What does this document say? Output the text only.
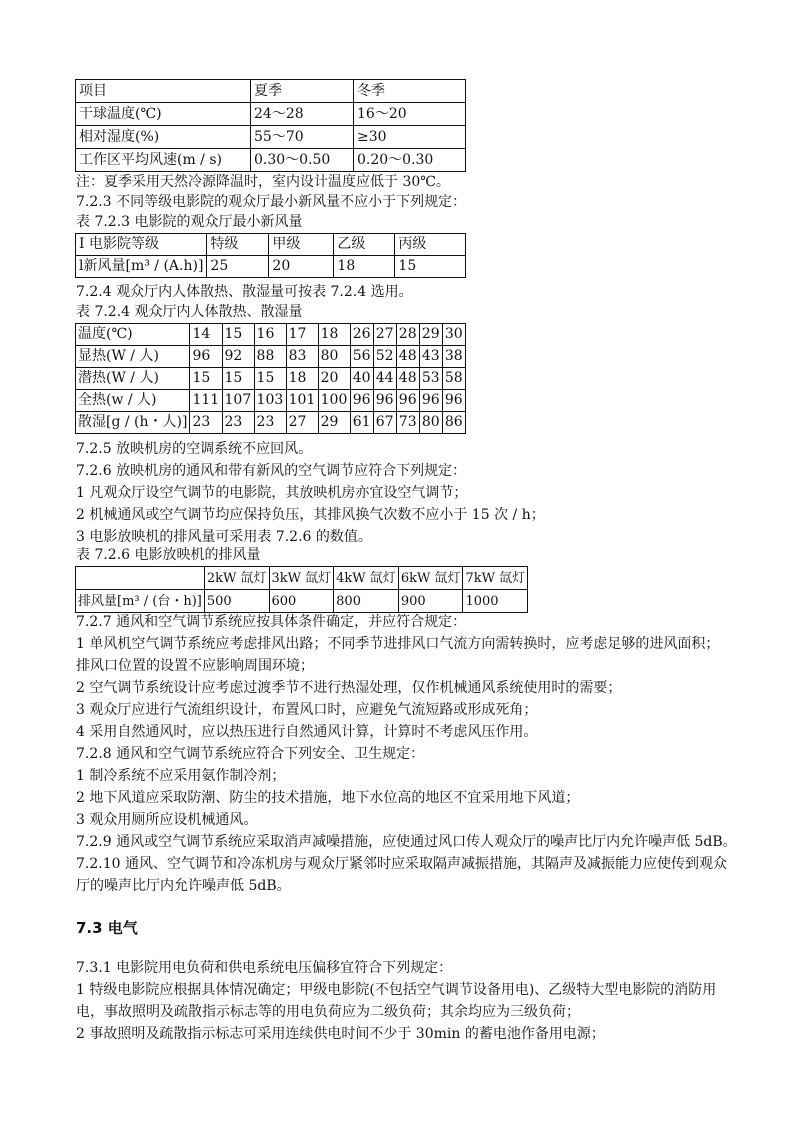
项目	夏季	冬季
干球温度(℃)	24～28	16～20
相对湿度(%)	55～70	≥30
工作区平均风速(m / s)	0.30～0.50	0.20～0.30
注：夏季采用天然冷源降温时，室内设计温度应低于 30℃。
7.2.3 不同等级电影院的观众厅最小新风量不应小于下列规定：
表 7.2.3 电影院的观众厅最小新风量
I 电影院等级	特级	甲级	乙级	丙级
l新风量[m³ / (A.h)]	25	20	18	15
7.2.4 观众厅内人体散热、散湿量可按表 7.2.4 选用。
表 7.2.4 观众厅内人体散热、散湿量
温度(℃)	14	15	16	17	18	26	27	28	29	30
显热(W / 人)	96	92	88	83	80	56	52	48	43	38
潜热(W / 人)	15	15	15	18	20	40	44	48	53	58
全热(w / 人)	111	107	103	101	100	96	96	96	96	96
散湿[g / (h・人)]	23	23	23	27	29	61	67	73	80	86
7.2.5 放映机房的空调系统不应回风。
7.2.6 放映机房的通风和带有新风的空气调节应符合下列规定：
1 凡观众厅设空气调节的电影院，其放映机房亦宜设空气调节；
2 机械通风或空气调节均应保持负压，其排风换气次数不应小于 15 次 / h；
3 电影放映机的排风量可采用表 7.2.6 的数值。
表 7.2.6 电影放映机的排风量
	2kW 氙灯	3kW 氙灯	4kW 氙灯	6kW 氙灯	7kW 氙灯
排风量[m³ / (台・h)]	500	600	800	900	1000
7.2.7 通风和空气调节系统应按具体条件确定，并应符合规定：
1 单风机空气调节系统应考虑排风出路；不同季节进排风口气流方向需转换时，应考虑足够的进风面积；
排风口位置的设置不应影响周围环境；
2 空气调节系统设计应考虑过渡季节不进行热湿处理，仅作机械通风系统使用时的需要；
3 观众厅应进行气流组织设计，布置风口时，应避免气流短路或形成死角；
4 采用自然通风时，应以热压进行自然通风计算，计算时不考虑风压作用。
7.2.8 通风和空气调节系统应符合下列安全、卫生规定：
1 制冷系统不应采用氨作制冷剂；
2 地下风道应采取防潮、防尘的技术措施，地下水位高的地区不宜采用地下风道；
3 观众用厕所应设机械通风。
7.2.9 通风或空气调节系统应采取消声减噪措施，应使通过风口传人观众厅的噪声比厅内允许噪声低 5dB。
7.2.10 通风、空气调节和冷冻机房与观众厅紧邻时应采取隔声减振措施，其隔声及减振能力应使传到观众
厅的噪声比厅内允许噪声低 5dB。
7.3 电气
7.3.1 电影院用电负荷和供电系统电压偏移宜符合下列规定：
1 特级电影院应根据具体情况确定；甲级电影院(不包括空气调节设备用电)、乙级特大型电影院的消防用
电，事故照明及疏散指示标志等的用电负荷应为二级负荷；其余均应为三级负荷；
2 事故照明及疏散指示标志可采用连续供电时间不少于 30min 的蓄电池作备用电源；
